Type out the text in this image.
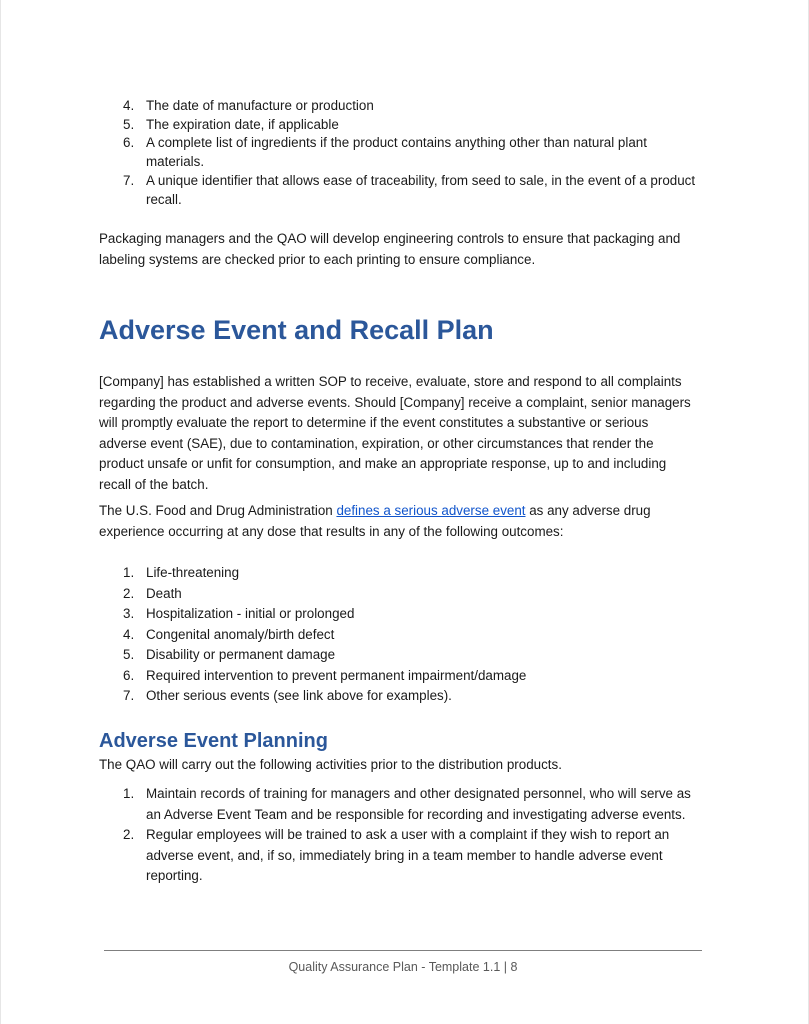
4. The date of manufacture or production
5. The expiration date, if applicable
6. A complete list of ingredients if the product contains anything other than natural plant materials.
7. A unique identifier that allows ease of traceability, from seed to sale, in the event of a product recall.

Packaging managers and the QAO will develop engineering controls to ensure that packaging and labeling systems are checked prior to each printing to ensure compliance.

Adverse Event and Recall Plan

[Company] has established a written SOP to receive, evaluate, store and respond to all complaints regarding the product and adverse events. Should [Company] receive a complaint, senior managers will promptly evaluate the report to determine if the event constitutes a substantive or serious adverse event (SAE), due to contamination, expiration, or other circumstances that render the product unsafe or unfit for consumption, and make an appropriate response, up to and including recall of the batch.

The U.S. Food and Drug Administration defines a serious adverse event as any adverse drug experience occurring at any dose that results in any of the following outcomes:

1. Life-threatening
2. Death
3. Hospitalization - initial or prolonged
4. Congenital anomaly/birth defect
5. Disability or permanent damage
6. Required intervention to prevent permanent impairment/damage
7. Other serious events (see link above for examples).
Adverse Event Planning

The QAO will carry out the following activities prior to the distribution products.

1. Maintain records of training for managers and other designated personnel, who will serve as an Adverse Event Team and be responsible for recording and investigating adverse events.
2. Regular employees will be trained to ask a user with a complaint if they wish to report an adverse event, and, if so, immediately bring in a team member to handle adverse event reporting.
Quality Assurance Plan - Template 1.1 | 8
